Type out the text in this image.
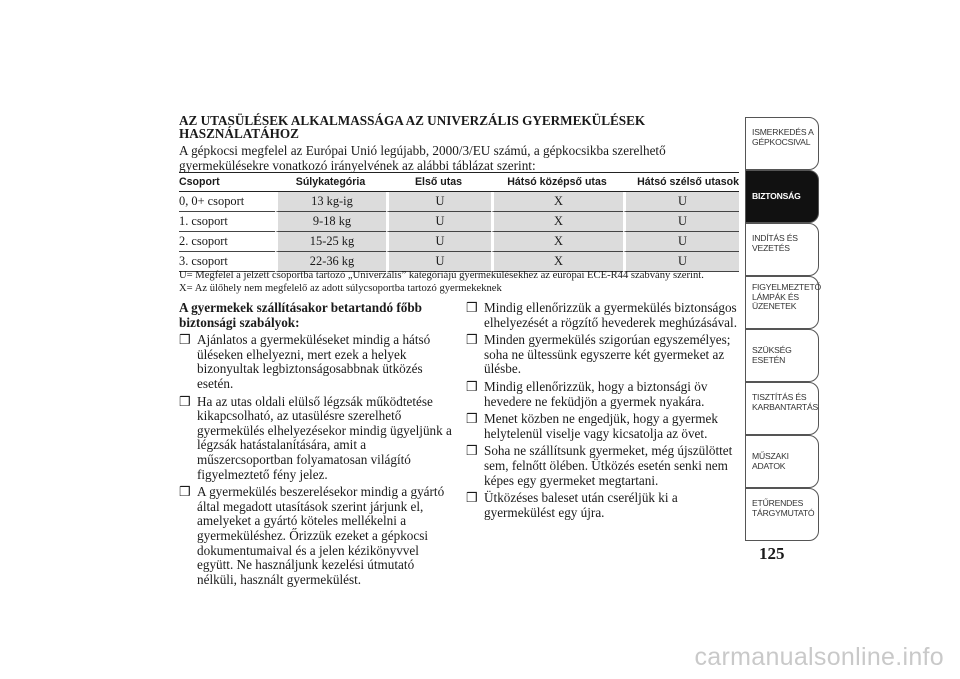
AZ UTASÜLÉSEK ALKALMASSÁGA AZ UNIVERZÁLIS GYERMEKÜLÉSEK
HASZNÁLATÁHOZ

A gépkocsi megfelel az Európai Unió legújabb, 2000/3/EU számú, a gépkocsikba szerelhető gyermekülésekre vonatkozó irányelvének az alábbi táblázat szerint:

Csoport	Súlykategória	Első utas	Hátsó középső utas	Hátsó szélső utasok
0, 0+ csoport	13 kg-ig	U	X	U
1. csoport	9-18 kg	U	X	U
2. csoport	15-25 kg	U	X	U
3. csoport	22-36 kg	U	X	U
U= Megfelel a jelzett csoportba tartozó „Univerzális” kategóriájú gyermekülésekhez az európai ECE-R44 szabvány szerint.
X= Az ülőhely nem megfelelő az adott súlycsoportba tartozó gyermekeknek

A gyermekek szállításakor betartandó főbb
biztonsági szabályok:

❒ Ajánlatos a gyermeküléseket mindig a hátsó üléseken elhelyezni, mert ezek a helyek bizonyultak legbiztonságosabbnak ütközés esetén.

❒ Ha az utas oldali elülső légzsák működtetése kikapcsolható, az utasülésre szerelhető gyermekülés elhelyezésekor mindig ügyeljünk a légzsák hatástalanítására, amit a műszercsoportban folyamatosan világító figyelmeztető fény jelez.

❒ A gyermekülés beszerelésekor mindig a gyártó által megadott utasítások szerint járjunk el, amelyeket a gyártó köteles mellékelni a gyermeküléshez. Őrizzük ezeket a gépkocsi dokumentumaival és a jelen kézikönyvvel együtt. Ne használjunk kezelési útmutató nélküli, használt gyermekülést.

❒ Mindig ellenőrizzük a gyermekülés biztonságos elhelyezését a rögzítő hevederek meghúzásával.

❒ Minden gyermekülés szigorúan egyszemélyes; soha ne ültessünk egyszerre két gyermeket az ülésbe.

❒ Mindig ellenőrizzük, hogy a biztonsági öv hevedere ne feküdjön a gyermek nyakára.

❒ Menet közben ne engedjük, hogy a gyermek helytelenül viselje vagy kicsatolja az övet.

❒ Soha ne szállítsunk gyermeket, még újszülöttet sem, felnőtt ölében. Ütközés esetén senki nem képes egy gyermeket megtartani.

❒ Ütközéses baleset után cseréljük ki a gyermekülést egy újra.

ISMERKEDÉS A
GÉPKOCSIVAL
BIZTONSÁG
INDÍTÁS ÉS
VEZETÉS
FIGYELMEZTETŐ
LÁMPÁK ÉS
ÜZENETEK
SZÜKSÉG ESETÉN
TISZTÍTÁS ÉS
KARBANTARTÁS
MŰSZAKI ADATOK
ETŰRENDES
TÁRGYMUTATÓ
125
carmanualsonline.info
